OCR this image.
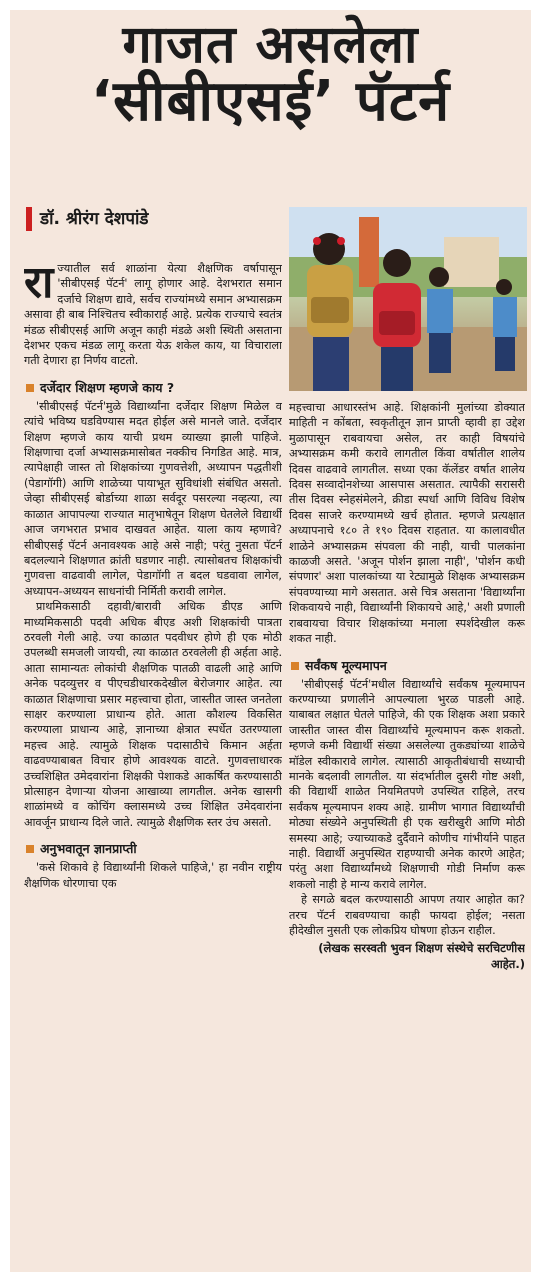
गाजत असलेला
‘सीबीएसई’ पॅटर्न
डॉ. श्रीरंग देशपांडे

राज्यातील सर्व शाळांना येत्या शैक्षणिक वर्षापासून 'सीबीएसई पॅटर्न' लागू होणार आहे. देशभरात समान दर्जाचे शिक्षण द्यावे, सर्वच राज्यांमध्ये समान अभ्यासक्रम असावा ही बाब निश्चितच स्वीकारार्ह आहे. प्रत्येक राज्याचे स्वतंत्र मंडळ सीबीएसई आणि अजून काही मंडळे अशी स्थिती असताना देशभर एकच मंडळ लागू करता येऊ शकेल काय, या विचाराला गती देणारा हा निर्णय वाटतो.

दर्जेदार शिक्षण म्हणजे काय ?

'सीबीएसई पॅटर्न'मुळे विद्यार्थ्यांना दर्जेदार शिक्षण मिळेल व त्यांचे भविष्य घडविण्यास मदत होईल असे मानले जाते. दर्जेदार शिक्षण म्हणजे काय याची प्रथम व्याख्या झाली पाहिजे. शिक्षणाचा दर्जा अभ्यासक्रमासोबत नक्कीच निगडित आहे. मात्र, त्यापेक्षाही जास्त तो शिक्षकांच्या गुणवत्तेशी, अध्यापन पद्धतीशी (पेडागॉगी) आणि शाळेच्या पायाभूत सुविधांशी संबंधित असतो. जेव्हा सीबीएसई बोर्डाच्या शाळा सर्वदूर पसरल्या नव्हत्या, त्या काळात आपापल्या राज्यात मातृभाषेतून शिक्षण घेतलेले विद्यार्थी आज जगभरात प्रभाव दाखवत आहेत. याला काय म्हणावे? सीबीएसई पॅटर्न अनावश्यक आहे असे नाही; परंतु नुसता पॅटर्न बदलल्याने शिक्षणात क्रांती घडणार नाही. त्यासोबतच शिक्षकांची गुणवत्ता वाढवावी लागेल, पेडागॉगी त बदल घडवावा लागेल, अध्यापन-अध्ययन साधनांची निर्मिती करावी लागेल.

प्राथमिकसाठी दहावी/बारावी अधिक डीएड आणि माध्यमिकसाठी पदवी अधिक बीएड अशी शिक्षकांची पात्रता ठरवली गेली आहे. ज्या काळात पदवीधर होणे ही एक मोठी उपलब्धी समजली जायची, त्या काळात ठरवलेली ही अर्हता आहे. आता सामान्यतः लोकांची शैक्षणिक पातळी वाढली आहे आणि अनेक पदव्युत्तर व पीएचडीधारकदेखील बेरोजगार आहेत. त्या काळात शिक्षणाचा प्रसार महत्त्वाचा होता, जास्तीत जास्त जनतेला साक्षर करण्याला प्राधान्य होते. आता कौशल्य विकसित करण्याला प्राधान्य आहे, ज्ञानाच्या क्षेत्रात स्पर्धेत उतरण्याला महत्त्व आहे. त्यामुळे शिक्षक पदासाठीचे किमान अर्हता वाढवण्याबाबत विचार होणे आवश्यक वाटते. गुणवत्ताधारक उच्चशिक्षित उमेदवारांना शिक्षकी पेशाकडे आकर्षित करण्यासाठी प्रोत्साहन देणाऱ्या योजना आखाव्या लागतील. अनेक खासगी शाळांमध्ये व कोचिंग क्लासमध्ये उच्च शिक्षित उमेदवारांना आवर्जून प्राधान्य दिले जाते. त्यामुळे शैक्षणिक स्तर उंच असतो.

अनुभवातून ज्ञानप्राप्ती

'कसे शिकावे हे विद्यार्थ्यांनी शिकले पाहिजे,' हा नवीन राष्ट्रीय शैक्षणिक धोरणाचा एक

महत्त्वाचा आधारस्तंभ आहे. शिक्षकांनी मुलांच्या डोक्यात माहिती न कोंबता, स्वकृतीतून ज्ञान प्राप्ती व्हावी हा उद्देश मुळापासून राबवायचा असेल, तर काही विषयांचे अभ्यासक्रम कमी करावे लागतील किंवा वर्षातील शालेय दिवस वाढवावे लागतील. सध्या एका कॅलेंडर वर्षात शालेय दिवस सव्वादोनशेच्या आसपास असतात. त्यापैकी सरासरी तीस दिवस स्नेहसंमेलने, क्रीडा स्पर्धा आणि विविध विशेष दिवस साजरे करण्यामध्ये खर्च होतात. म्हणजे प्रत्यक्षात अध्यापनाचे १८० ते १९० दिवस राहतात. या कालावधीत शाळेने अभ्यासक्रम संपवला की नाही, याची पालकांना काळजी असते. 'अजून पोर्शन झाला नाही', 'पोर्शन कधी संपणार' अशा पालकांच्या या रेट्यामुळे शिक्षक अभ्यासक्रम संपवण्याच्या मागे असतात. असे चित्र असताना 'विद्यार्थ्यांना शिकवायचे नाही, विद्यार्थ्यांनी शिकायचे आहे,' अशी प्रणाली राबवायचा विचार शिक्षकांच्या मनाला स्पर्शदेखील करू शकत नाही.

सर्वंकष मूल्यमापन

'सीबीएसई पॅटर्न'मधील विद्यार्थ्यांचे सर्वंकष मूल्यमापन करण्याच्या प्रणालीने आपल्याला भुरळ पाडली आहे. याबाबत लक्षात घेतले पाहिजे, की एक शिक्षक अशा प्रकारे जास्तीत जास्त वीस विद्यार्थ्यांचे मूल्यमापन करू शकतो. म्हणजे कमी विद्यार्थी संख्या असलेल्या तुकड्यांच्या शाळेचे मॉडेल स्वीकारावे लागेल. त्यासाठी आकृतीबंधाची सध्याची मानके बदलावी लागतील. या संदर्भातील दुसरी गोष्ट अशी, की विद्यार्थी शाळेत नियमितपणे उपस्थित राहिले, तरच सर्वंकष मूल्यमापन शक्य आहे. ग्रामीण भागात विद्यार्थ्यांची मोठ्या संख्येने अनुपस्थिती ही एक खरीखुरी आणि मोठी समस्या आहे; ज्याच्याकडे दुर्दैवाने कोणीच गांभीर्याने पाहत नाही. विद्यार्थी अनुपस्थित राहण्याची अनेक कारणे आहेत; परंतु अशा विद्यार्थ्यांमध्ये शिक्षणाची गोडी निर्माण करू शकलो नाही हे मान्य करावे लागेल.

हे सगळे बदल करण्यासाठी आपण तयार आहोत का? तरच पॅटर्न राबवण्याचा काही फायदा होईल; नसता हीदेखील नुसती एक लोकप्रिय घोषणा होऊन राहील.

(लेखक सरस्वती भुवन शिक्षण संस्थेचे सरचिटणीस आहेत.)
